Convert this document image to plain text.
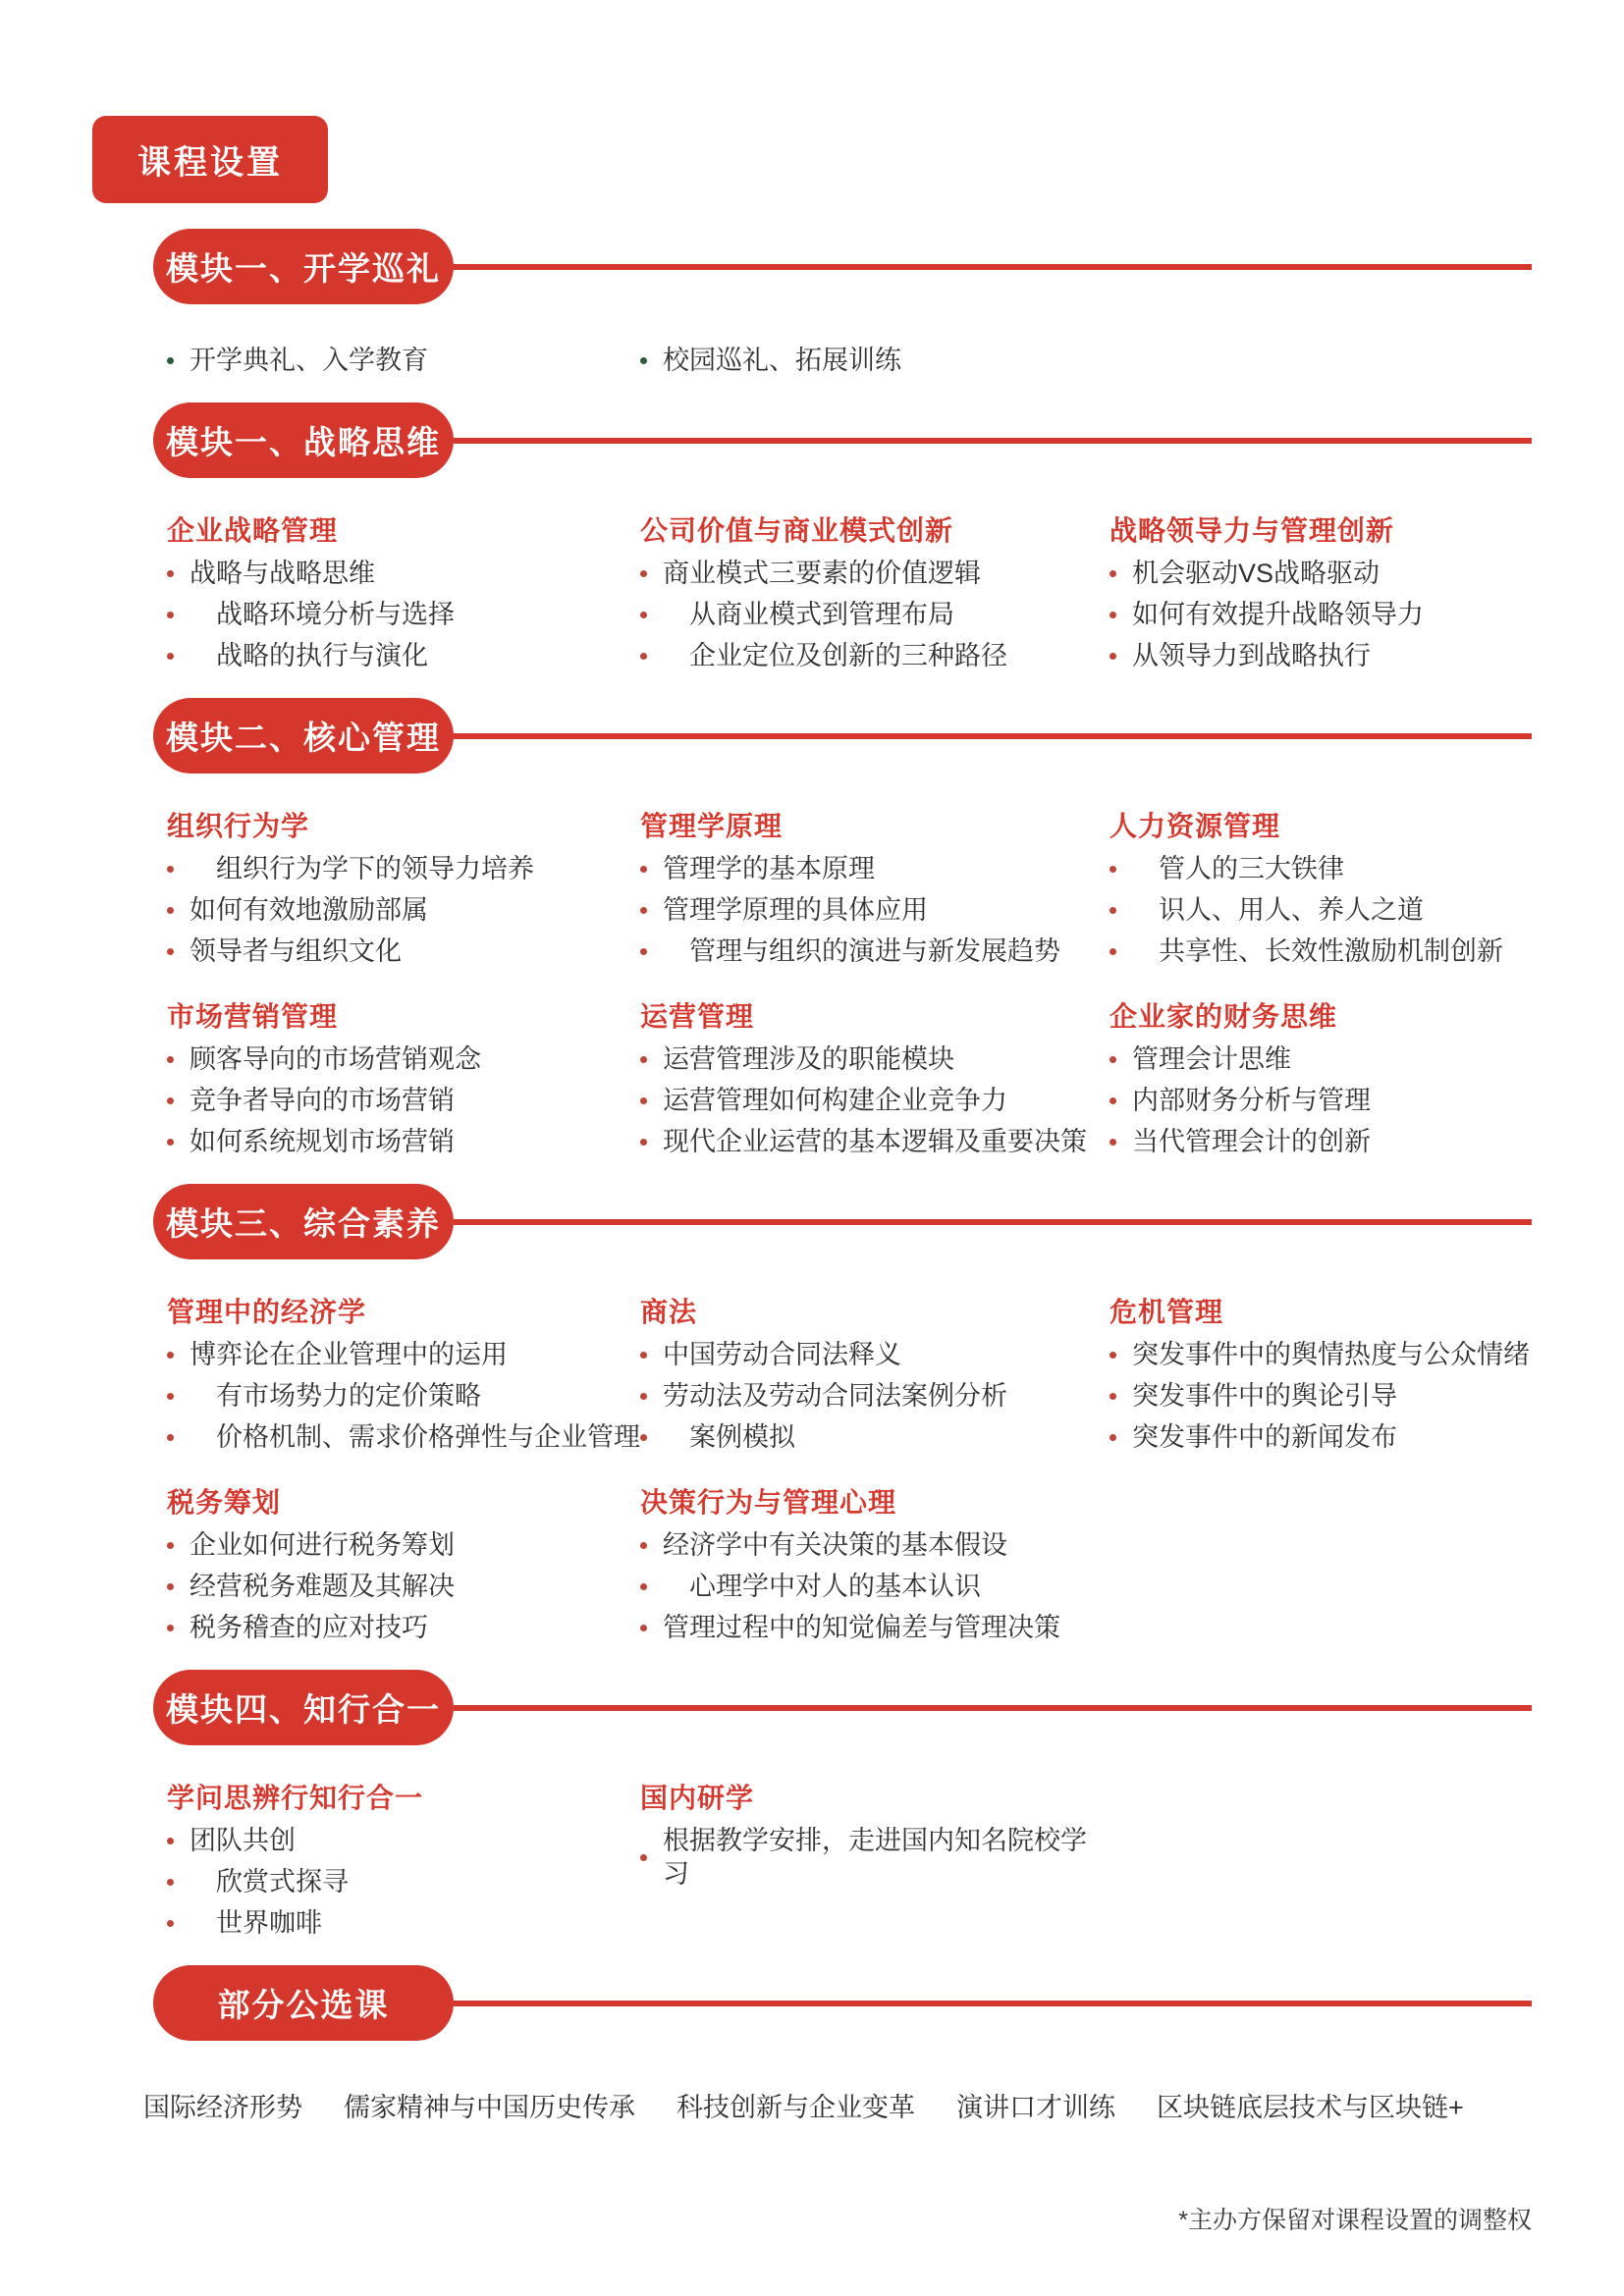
课程设置
模块一、开学巡礼
开学典礼、入学教育	校园巡礼、拓展训练
模块一、战略思维
企业战略管理
战略与战略思维
　战略环境分析与选择
　战略的执行与演化
公司价值与商业模式创新
商业模式三要素的价值逻辑
　从商业模式到管理布局
　企业定位及创新的三种路径
战略领导力与管理创新
机会驱动VS战略驱动
如何有效提升战略领导力
从领导力到战略执行
模块二、核心管理
组织行为学
　组织行为学下的领导力培养
如何有效地激励部属
领导者与组织文化
管理学原理
管理学的基本原理
管理学原理的具体应用
　管理与组织的演进与新发展趋势
人力资源管理
　管人的三大铁律
　识人、用人、养人之道
　共享性、长效性激励机制创新
市场营销管理
顾客导向的市场营销观念
竞争者导向的市场营销
如何系统规划市场营销
运营管理
运营管理涉及的职能模块
运营管理如何构建企业竞争力
现代企业运营的基本逻辑及重要决策
企业家的财务思维
管理会计思维
内部财务分析与管理
当代管理会计的创新
模块三、综合素养
管理中的经济学
博弈论在企业管理中的运用
　有市场势力的定价策略
　价格机制、需求价格弹性与企业管理
商法
中国劳动合同法释义
劳动法及劳动合同法案例分析
　案例模拟
危机管理
突发事件中的舆情热度与公众情绪
突发事件中的舆论引导
突发事件中的新闻发布
税务筹划
企业如何进行税务筹划
经营税务难题及其解决
税务稽查的应对技巧
决策行为与管理心理
经济学中有关决策的基本假设
　心理学中对人的基本认识
管理过程中的知觉偏差与管理决策
模块四、知行合一
学问思辨行知行合一
团队共创
　欣赏式探寻
　世界咖啡
国内研学
根据教学安排，走进国内知名院校学习
部分公选课
国际经济形势 儒家精神与中国历史传承 科技创新与企业变革 演讲口才训练 区块链底层技术与区块链+
*主办方保留对课程设置的调整权
